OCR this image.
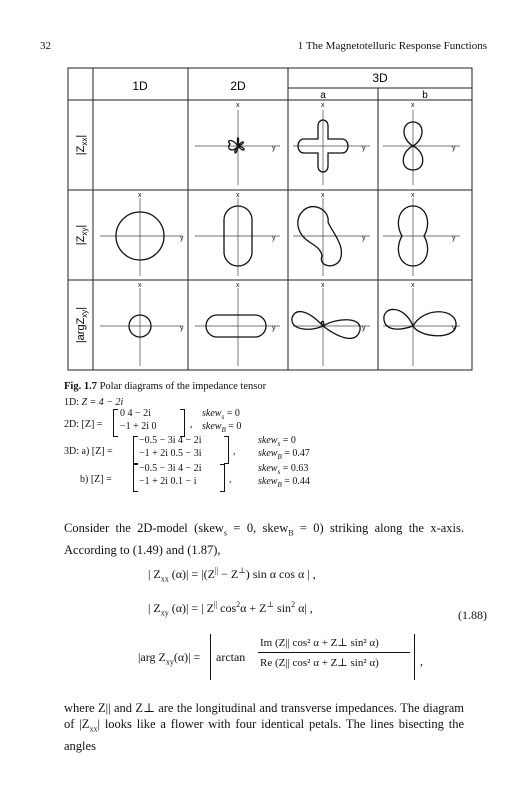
32	1 The Magnetotelluric Response Functions
1D	2D
3D
a	b
$|Z_{xx}|$
$|Z_{xy}|$
|argZ$_{xy}$|
x
y
x
y
x
y
x
y
x
y
x
y
x
y
x
y
x
y
x
y
x
y
Fig. 1.7 Polar diagrams of the impedance tensor
1D: Z = 4 − 2i
2D: [Z] =
0 4 − 2i
−1 + 2i 0	,
skew$_s$ = 0
skew$_B$ = 0
3D: a) [Z] =
−0.5 − 3i 4 − 2i
−1 + 2i 0.5 − 3i	,
skew$_s$ = 0
skew$_B$ = 0.47
b) [Z] =
−0.5 − 3i 4 − 2i
−1 + 2i 0.1 − i	,
skew$_s$ = 0.63
skew$_B$ = 0.44
Consider the 2D-model (skew$_s$ = 0, skew$_B$ = 0) striking along the x-axis. According to (1.49) and (1.87),
| $Z_{xx}$ (α)| = |(Z|| − Z⊥) sin α cos α | ,
| $Z_{xy}$ (α)| = | Z|| $\cos^2\alpha + Z^\perp$ $\sin^2 \alpha|$ ,	(1.88)
|arg $Z_{xy}(\alpha)| = \arctan$
Im (Z|| cos² α + Z⊥ sin² α)
Re (Z|| cos² α + Z⊥ sin² α)	,
where Z|| and Z⊥ are the longitudinal and transverse impedances. The diagram of $|Z_{xx}|$ looks like a flower with four identical petals. The lines bisecting the angles
